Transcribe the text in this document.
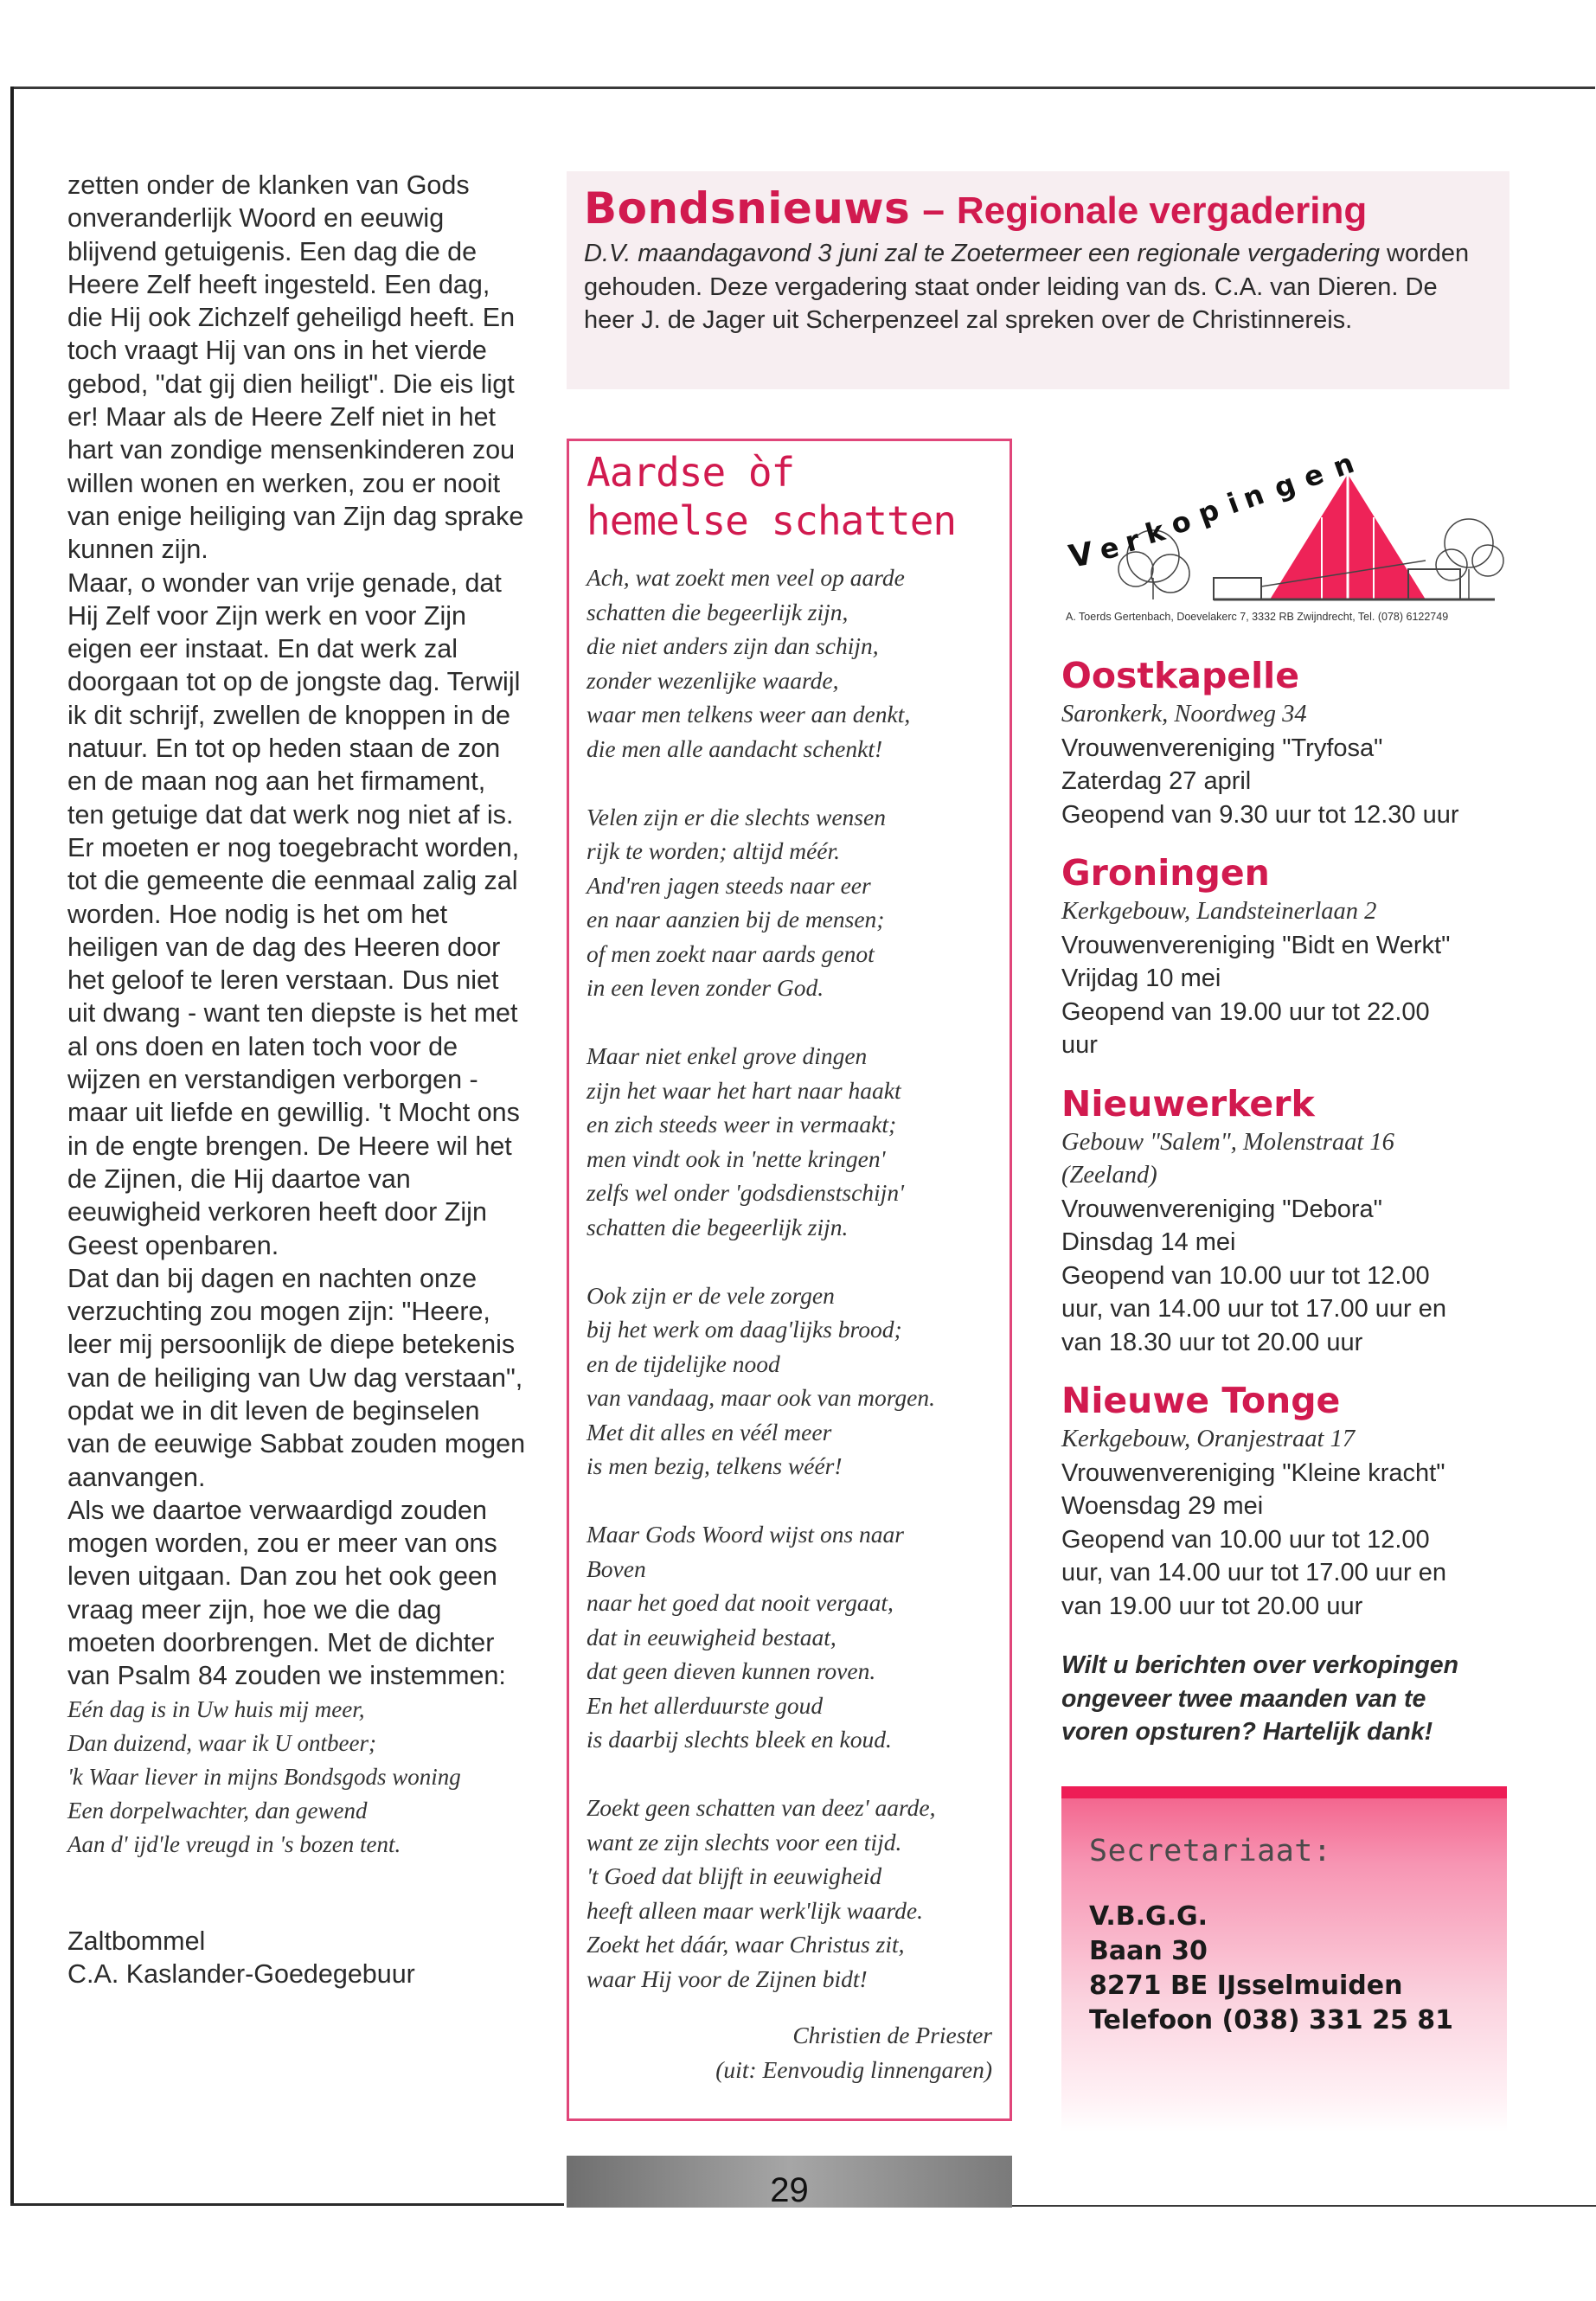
zetten onder de klanken van Gods onveranderlijk Woord en eeuwig blijvend getuigenis. Een dag die de Heere Zelf heeft ingesteld. Een dag, die Hij ook Zichzelf geheiligd heeft. En toch vraagt Hij van ons in het vierde gebod, "dat gij dien heiligt". Die eis ligt er! Maar als de Heere Zelf niet in het hart van zondige mensenkinderen zou willen wonen en werken, zou er nooit van enige heiliging van Zijn dag sprake kunnen zijn.

Maar, o wonder van vrije genade, dat Hij Zelf voor Zijn werk en voor Zijn eigen eer instaat. En dat werk zal doorgaan tot op de jongste dag. Terwijl ik dit schrijf, zwellen de knoppen in de natuur. En tot op heden staan de zon en de maan nog aan het firmament, ten getuige dat dat werk nog niet af is. Er moeten er nog toegebracht worden, tot die gemeente die eenmaal zalig zal worden. Hoe nodig is het om het heiligen van de dag des Heeren door het geloof te leren verstaan. Dus niet uit dwang - want ten diepste is het met al ons doen en laten toch voor de wijzen en verstandigen verborgen - maar uit liefde en gewillig. 't Mocht ons in de engte brengen. De Heere wil het de Zijnen, die Hij daartoe van eeuwigheid verkoren heeft door Zijn Geest openbaren.

Dat dan bij dagen en nachten onze verzuchting zou mogen zijn: "Heere, leer mij persoonlijk de diepe betekenis van de heiliging van Uw dag verstaan", opdat we in dit leven de beginselen van de eeuwige Sabbat zouden mogen aanvangen.

Als we daartoe verwaardigd zouden mogen worden, zou er meer van ons leven uitgaan. Dan zou het ook geen vraag meer zijn, hoe we die dag moeten doorbrengen. Met de dichter van Psalm 84 zouden we instemmen:

Eén dag is in Uw huis mij meer,
Dan duizend, waar ik U ontbeer;
'k Waar liever in mijns Bondsgods woning
Een dorpelwachter, dan gewend
Aan d' ijd'le vreugd in 's bozen tent.
Zaltbommel
C.A. Kaslander-Goedegebuur
Bondsnieuws – Regionale vergadering
D.V. maandagavond 3 juni zal te Zoetermeer een regionale vergadering worden gehouden. Deze vergadering staat onder leiding van ds. C.A. van Dieren. De heer J. de Jager uit Scherpenzeel zal spreken over de Christinnereis.
Aardse òf
hemelse schatten
Ach, wat zoekt men veel op aarde
schatten die begeerlijk zijn,
die niet anders zijn dan schijn,
zonder wezenlijke waarde,
waar men telkens weer aan denkt,
die men alle aandacht schenkt!
Velen zijn er die slechts wensen
rijk te worden; altijd méér.
And'ren jagen steeds naar eer
en naar aanzien bij de mensen;
of men zoekt naar aards genot
in een leven zonder God.
Maar niet enkel grove dingen
zijn het waar het hart naar haakt
en zich steeds weer in vermaakt;
men vindt ook in 'nette kringen'
zelfs wel onder 'godsdienstschijn'
schatten die begeerlijk zijn.
Ook zijn er de vele zorgen
bij het werk om daag'lijks brood;
en de tijdelijke nood
van vandaag, maar ook van morgen.
Met dit alles en véél meer
is men bezig, telkens wéér!
Maar Gods Woord wijst ons naar
Boven
naar het goed dat nooit vergaat,
dat in eeuwigheid bestaat,
dat geen dieven kunnen roven.
En het allerduurste goud
is daarbij slechts bleek en koud.
Zoekt geen schatten van deez' aarde,
want ze zijn slechts voor een tijd.
't Goed dat blijft in eeuwigheid
heeft alleen maar werk'lijk waarde.
Zoekt het dáár, waar Christus zit,
waar Hij voor de Zijnen bidt!
Christien de Priester
(uit: Eenvoudig linnengaren)
29
V e r
k
o
p i
n g e n
A. Toerds Gertenbach, Doevelakerc 7, 3332 RB Zwijndrecht, Tel. (078) 6122749
Oostkapelle
Saronkerk, Noordweg 34
Vrouwenvereniging "Tryfosa"
Zaterdag 27 april
Geopend van 9.30 uur tot 12.30 uur
Groningen
Kerkgebouw, Landsteinerlaan 2
Vrouwenvereniging "Bidt en Werkt"
Vrijdag 10 mei
Geopend van 19.00 uur tot 22.00
uur
Nieuwerkerk
Gebouw "Salem", Molenstraat 16
(Zeeland)
Vrouwenvereniging "Debora"
Dinsdag 14 mei
Geopend van 10.00 uur tot 12.00
uur, van 14.00 uur tot 17.00 uur en
van 18.30 uur tot 20.00 uur
Nieuwe Tonge
Kerkgebouw, Oranjestraat 17
Vrouwenvereniging "Kleine kracht"
Woensdag 29 mei
Geopend van 10.00 uur tot 12.00
uur, van 14.00 uur tot 17.00 uur en
van 19.00 uur tot 20.00 uur
Wilt u berichten over verkopingen
ongeveer twee maanden van te
voren opsturen? Hartelijk dank!
Secretariaat:
V.B.G.G.
Baan 30
8271 BE IJsselmuiden
Telefoon (038) 331 25 81
